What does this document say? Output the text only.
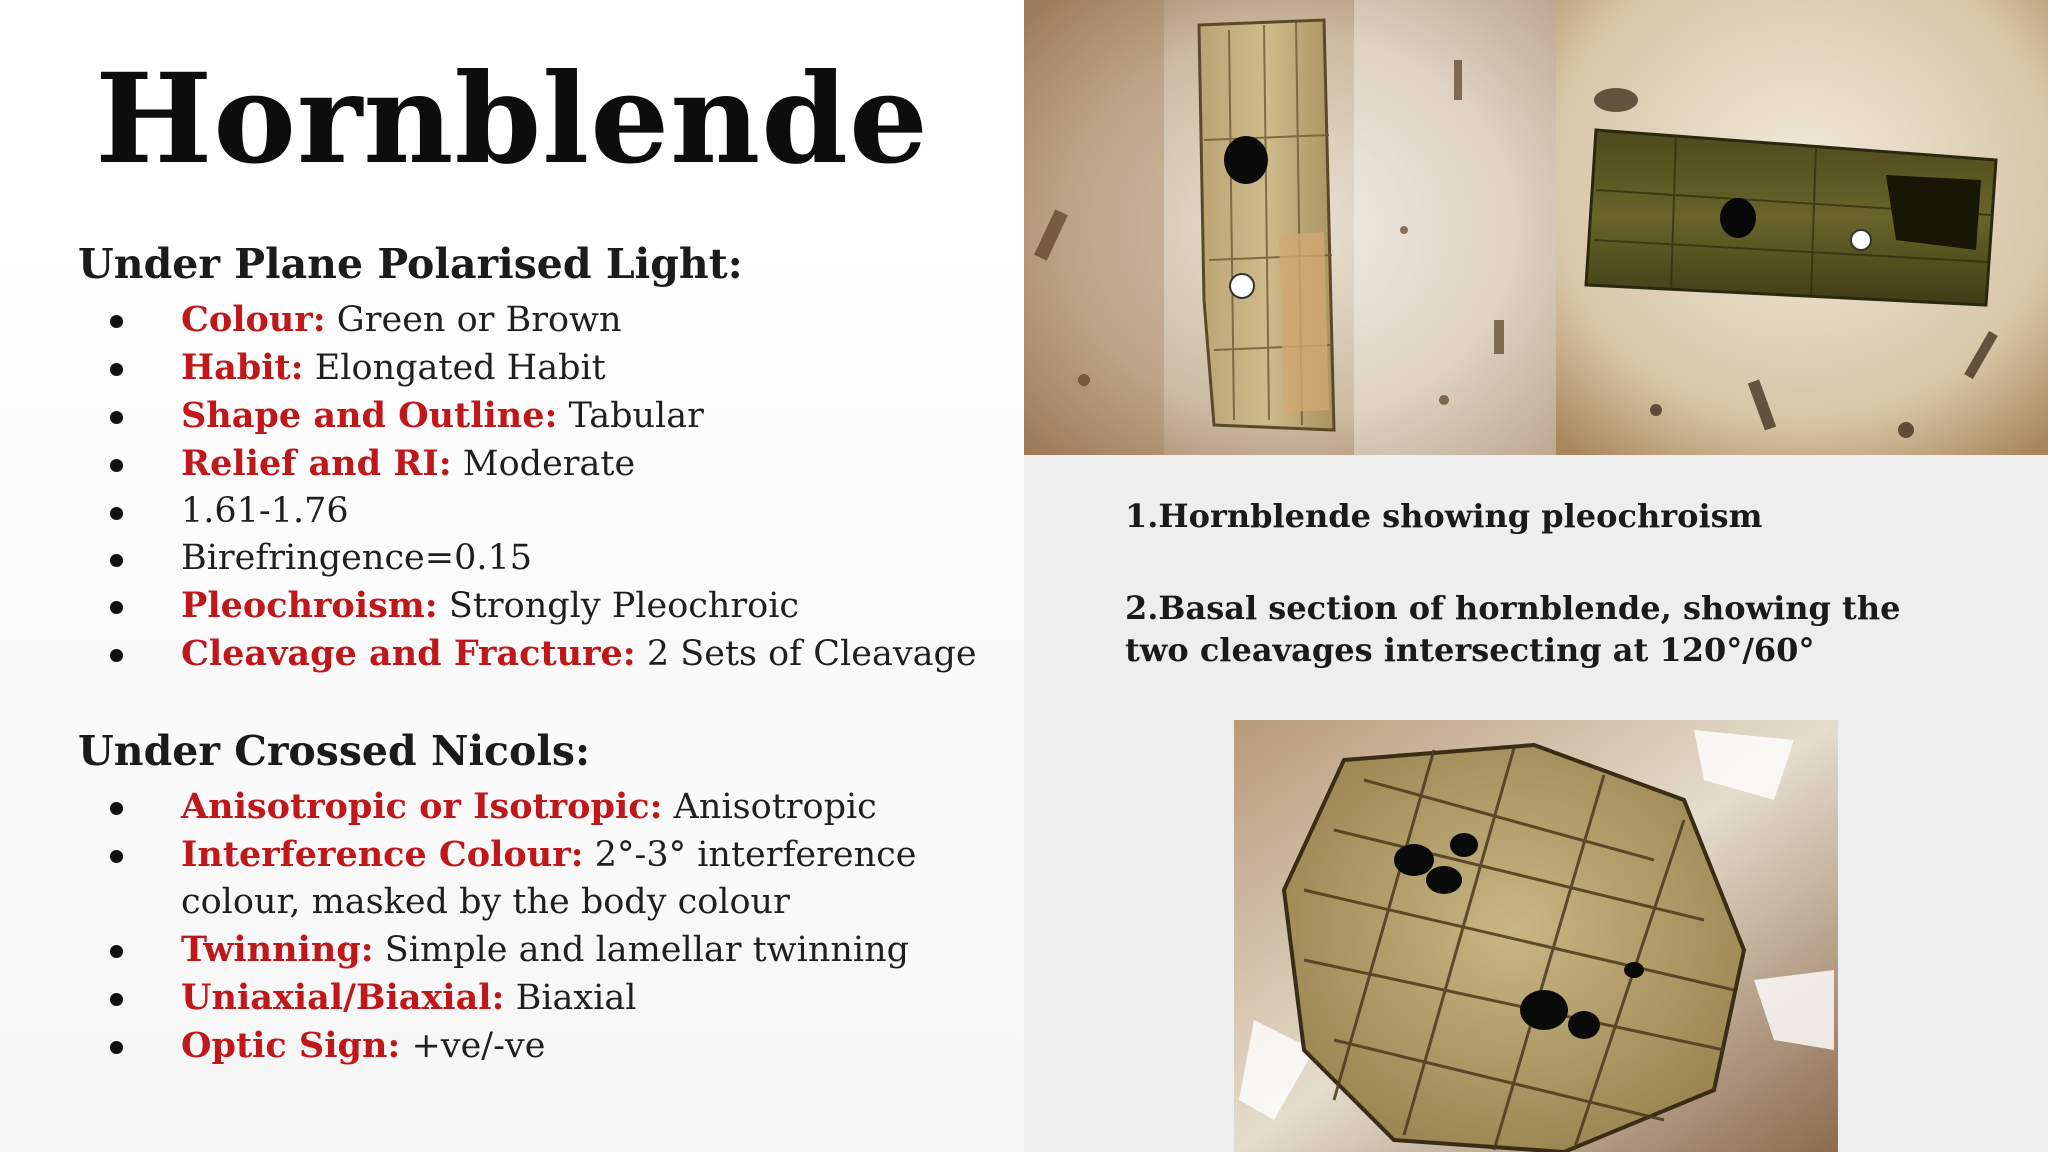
Hornblende
Under Plane Polarised Light:
Colour: Green or Brown
Habit: Elongated Habit
Shape and Outline: Tabular
Relief and RI: Moderate
1.61-1.76
Birefringence=0.15
Pleochroism: Strongly Pleochroic
Cleavage and Fracture: 2 Sets of Cleavage
Under Crossed Nicols:
Anisotropic or Isotropic: Anisotropic
Interference Colour: 2°-3° interference colour, masked by the body colour
Twinning: Simple and lamellar twinning
Uniaxial/Biaxial: Biaxial
Optic Sign: +ve/-ve
1.Hornblende showing pleochroism
2.Basal section of hornblende, showing the two cleavages intersecting at 120°/60°
